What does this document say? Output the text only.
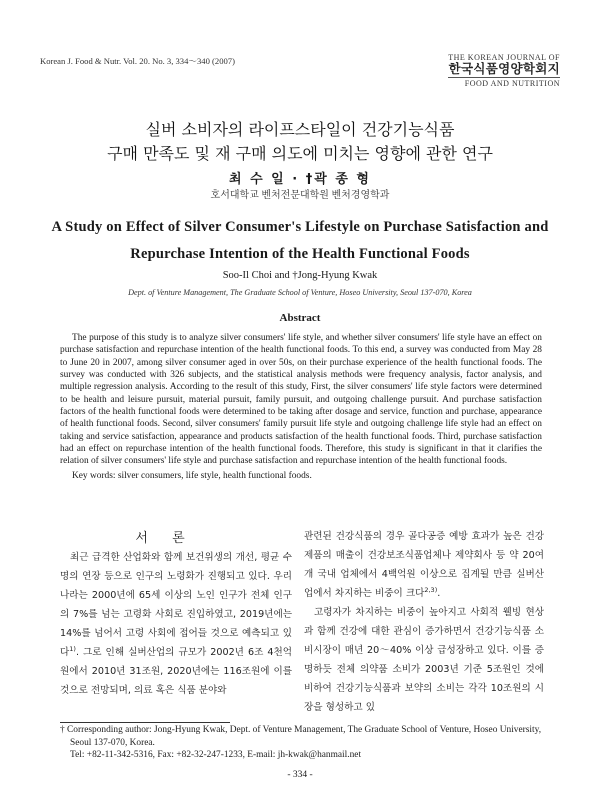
Korean J. Food & Nutr. Vol. 20. No. 3, 334～340 (2007)	THE KOREAN JOURNAL OF
한국식품영양학회지
FOOD AND NUTRITION
실버 소비자의 라이프스타일이 건강기능식품
구매 만족도 및 재 구매 의도에 미치는 영향에 관한 연구
최 수 일 · †곽 종 형
호서대학교 벤처전문대학원 벤처경영학과
A Study on Effect of Silver Consumer's Lifestyle on Purchase Satisfaction and
Repurchase Intention of the Health Functional Foods
Soo-Il Choi and †Jong-Hyung Kwak
Dept. of Venture Management, The Graduate School of Venture, Hoseo University, Seoul 137-070, Korea
Abstract

The purpose of this study is to analyze silver consumers' life style, and whether silver consumers' life style have an effect on purchase satisfaction and repurchase intention of the health functional foods. To this end, a survey was conducted from May 28 to June 20 in 2007, among silver consumer aged in over 50s, on their purchase experience of the health functional foods. The survey was conducted with 326 subjects, and the statistical analysis methods were frequency analysis, factor analysis, and multiple regression analysis. According to the result of this study, First, the silver consumers' life style factors were determined to be health and leisure pursuit, material pursuit, family pursuit, and outgoing challenge pursuit. And purchase satisfaction factors of the health functional foods were determined to be taking after dosage and service, function and purchase, appearance of health functional foods. Second, silver consumers' family pursuit life style and outgoing challenge life style had an effect on taking and service satisfaction, appearance and products satisfaction of the health functional foods. Third, purchase satisfaction had an effect on repurchase intention of the health functional foods. Therefore, this study is significant in that it clarifies the relation of silver consumers' life style and purchase satisfaction and repurchase intention of the health functional foods.

Key words: silver consumers, life style, health functional foods.
서 론

최근 급격한 산업화와 함께 보건위생의 개선, 평균 수명의 연장 등으로 인구의 노령화가 진행되고 있다. 우리나라는 2000년에 65세 이상의 노인 인구가 전체 인구의 7%를 넘는 고령화 사회로 진입하였고, 2019년에는 14%를 넘어서 고령 사회에 접어들 것으로 예측되고 있다$^{1)}$. 그로 인해 실버산업의 규모가 2002년 6조 4천억원에서 2010년 31조원, 2020년에는 116조원에 이를 것으로 전망되며, 의료 혹은 식품 분야와

관련된 건강식품의 경우 골다공증 예방 효과가 높은 건강제품의 매출이 건강보조식품업체나 제약회사 등 약 20여 개 국내 업체에서 4백억원 이상으로 집계될 만큼 실버산업에서 차지하는 비중이 크다$^{2,3)}$.

고령자가 차지하는 비중이 높아지고 사회적 웰빙 현상과 함께 건강에 대한 관심이 증가하면서 건강기능식품 소비시장이 매년 20～40% 이상 급성장하고 있다. 이를 증명하듯 전체 의약품 소비가 2003년 기준 5조원인 것에 비하여 건강기능식품과 보약의 소비는 각각 10조원의 시장을 형성하고 있

† Corresponding author: Jong-Hyung Kwak, Dept. of Venture Management, The Graduate School of Venture, Hoseo University,
Seoul 137-070, Korea.
Tel: +82-11-342-5316, Fax: +82-32-247-1233, E-mail: jh-kwak@hanmail.net
- 334 -
